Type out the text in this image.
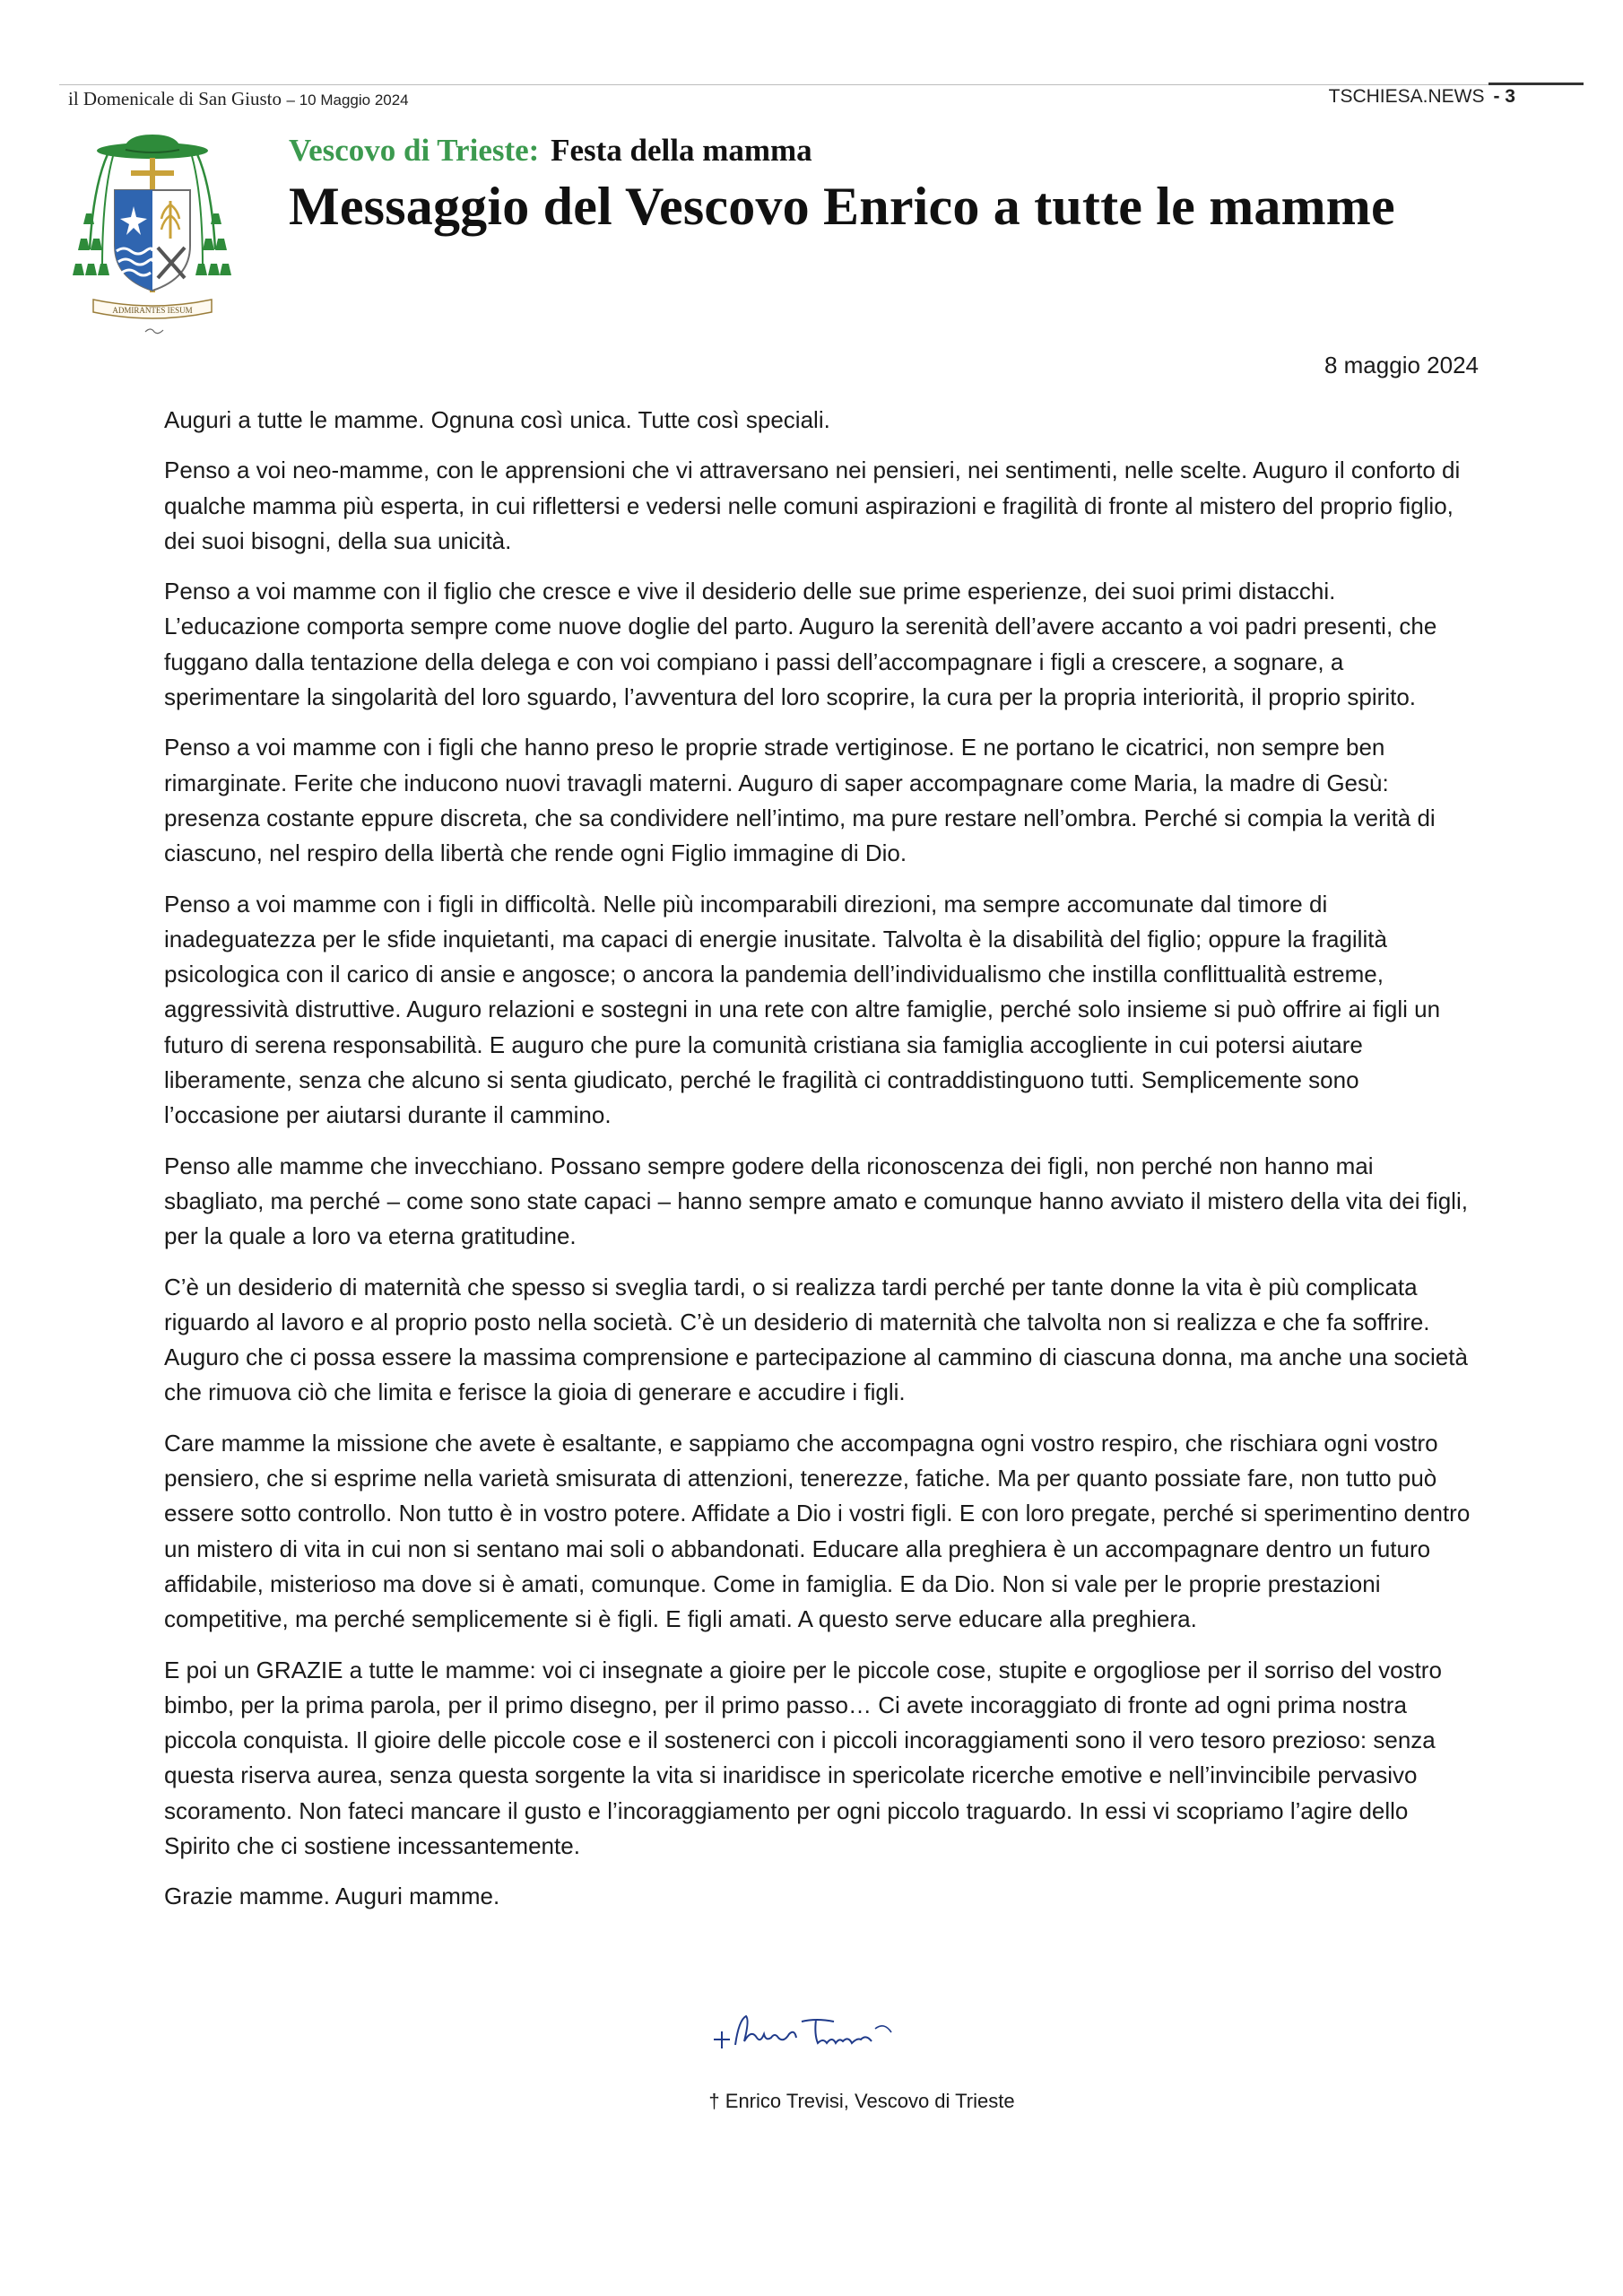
il Domenicale di San Giusto – 10 Maggio 2024	TSCHIESA.NEWS - 3
ADMIRANTES IESUM
Vescovo di Trieste: Festa della mamma
Messaggio del Vescovo Enrico a tutte le mamme
8 maggio 2024

Auguri a tutte le mamme. Ognuna così unica. Tutte così speciali.

Penso a voi neo-mamme, con le apprensioni che vi attraversano nei pensieri, nei sentimenti, nelle scelte. Auguro il conforto di qualche mamma più esperta, in cui riflettersi e vedersi nelle comuni aspirazioni e fragilità di fronte al mistero del proprio figlio, dei suoi bisogni, della sua unicità.

Penso a voi mamme con il figlio che cresce e vive il desiderio delle sue prime esperienze, dei suoi primi distacchi. L’educazione comporta sempre come nuove doglie del parto. Auguro la serenità dell’avere accanto a voi padri presenti, che fuggano dalla tentazione della delega e con voi compiano i passi dell’accompagnare i figli a crescere, a sognare, a sperimentare la singolarità del loro sguardo, l’avventura del loro scoprire, la cura per la propria interiorità, il proprio spirito.

Penso a voi mamme con i figli che hanno preso le proprie strade vertiginose. E ne portano le cicatrici, non sempre ben rimarginate. Ferite che inducono nuovi travagli materni. Auguro di saper accompagnare come Maria, la madre di Gesù: presenza costante eppure discreta, che sa condividere nell’intimo, ma pure restare nell’ombra. Perché si compia la verità di ciascuno, nel respiro della libertà che rende ogni Figlio immagine di Dio.

Penso a voi mamme con i figli in difficoltà. Nelle più incomparabili direzioni, ma sempre accomunate dal timore di inadeguatezza per le sfide inquietanti, ma capaci di energie inusitate. Talvolta è la disabilità del figlio; oppure la fragilità psicologica con il carico di ansie e angosce; o ancora la pandemia dell’individualismo che instilla conflittualità estreme, aggressività distruttive. Auguro relazioni e sostegni in una rete con altre famiglie, perché solo insieme si può offrire ai figli un futuro di serena responsabilità. E auguro che pure la comunità cristiana sia famiglia accogliente in cui potersi aiutare liberamente, senza che alcuno si senta giudicato, perché le fragilità ci contraddistinguono tutti. Semplicemente sono l’occasione per aiutarsi durante il cammino.

Penso alle mamme che invecchiano. Possano sempre godere della riconoscenza dei figli, non perché non hanno mai sbagliato, ma perché – come sono state capaci – hanno sempre amato e comunque hanno avviato il mistero della vita dei figli, per la quale a loro va eterna gratitudine.

C’è un desiderio di maternità che spesso si sveglia tardi, o si realizza tardi perché per tante donne la vita è più complicata riguardo al lavoro e al proprio posto nella società. C’è un desiderio di maternità che talvolta non si realizza e che fa soffrire. Auguro che ci possa essere la massima comprensione e partecipazione al cammino di ciascuna donna, ma anche una società che rimuova ciò che limita e ferisce la gioia di generare e accudire i figli.

Care mamme la missione che avete è esaltante, e sappiamo che accompagna ogni vostro respiro, che rischiara ogni vostro pensiero, che si esprime nella varietà smisurata di attenzioni, tenerezze, fatiche. Ma per quanto possiate fare, non tutto può essere sotto controllo. Non tutto è in vostro potere. Affidate a Dio i vostri figli. E con loro pregate, perché si sperimentino dentro un mistero di vita in cui non si sentano mai soli o abbandonati. Educare alla preghiera è un accompagnare dentro un futuro affidabile, misterioso ma dove si è amati, comunque. Come in famiglia. E da Dio. Non si vale per le proprie prestazioni competitive, ma perché semplicemente si è figli. E figli amati. A questo serve educare alla preghiera.

E poi un GRAZIE a tutte le mamme: voi ci insegnate a gioire per le piccole cose, stupite e orgogliose per il sorriso del vostro bimbo, per la prima parola, per il primo disegno, per il primo passo… Ci avete incoraggiato di fronte ad ogni prima nostra piccola conquista. Il gioire delle piccole cose e il sostenerci con i piccoli incoraggiamenti sono il vero tesoro prezioso: senza questa riserva aurea, senza questa sorgente la vita si inaridisce in spericolate ricerche emotive e nell’invincibile pervasivo scoramento. Non fateci mancare il gusto e l’incoraggiamento per ogni piccolo traguardo. In essi vi scopriamo l’agire dello Spirito che ci sostiene incessantemente.

Grazie mamme. Auguri mamme.

† Enrico Trevisi, Vescovo di Trieste
